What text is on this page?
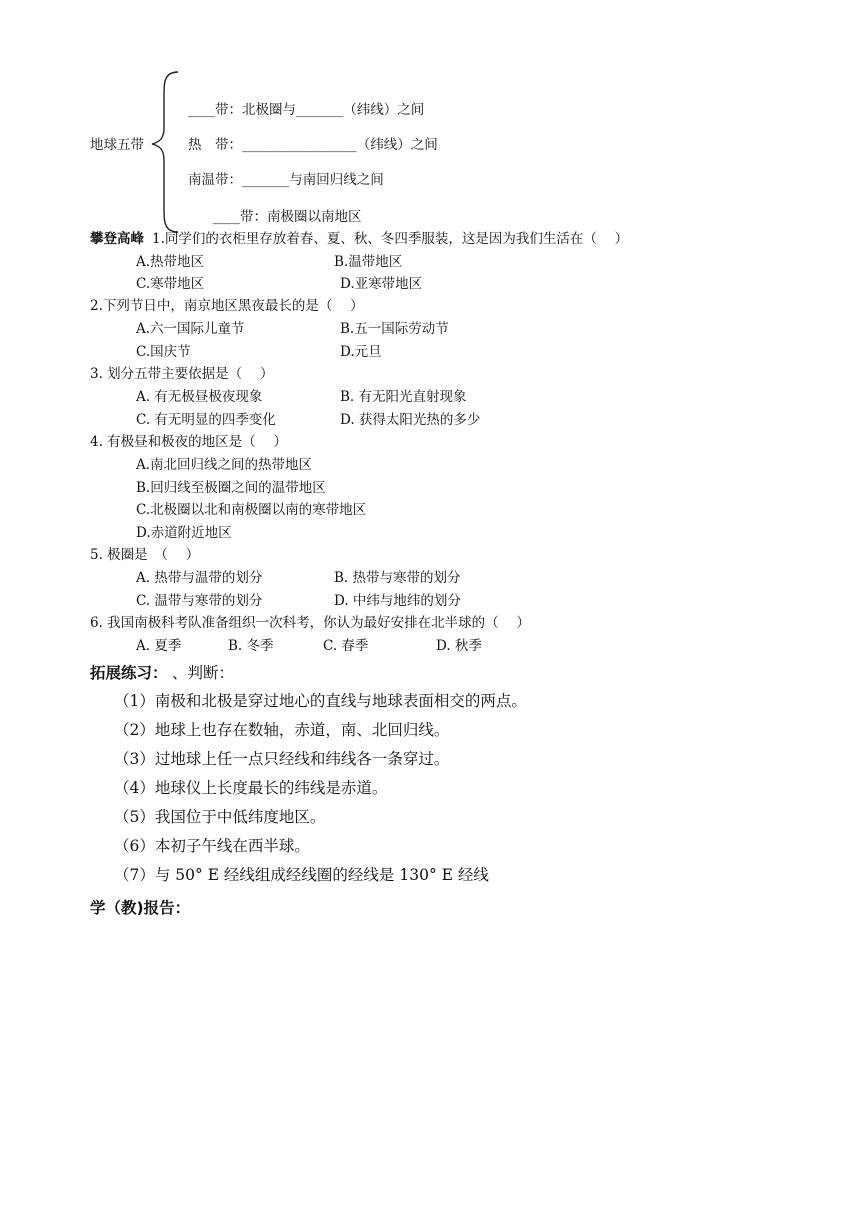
地球五带
____带：北极圈与_______（纬线）之间
热　带：_________________（纬线）之间
南温带：_______与南回归线之间
____带：南极圈以南地区
攀登高峰 1.同学们的衣柜里存放着春、夏、秋、冬四季服装，这是因为我们生活在（　 ）
A.热带地区	B.温带地区
C.寒带地区	D.亚寒带地区
2.下列节日中，南京地区黑夜最长的是（　 ）
A.六一国际儿童节	B.五一国际劳动节
C.国庆节	D.元旦
3. 划分五带主要依据是（　 ）
A. 有无极昼极夜现象	B. 有无阳光直射现象
C. 有无明显的四季变化	D. 获得太阳光热的多少
4. 有极昼和极夜的地区是（　 ）
A.南北回归线之间的热带地区
B.回归线至极圈之间的温带地区
C.北极圈以北和南极圈以南的寒带地区
D.赤道附近地区
5. 极圈是　（　 ）
A. 热带与温带的划分	B. 热带与寒带的划分
C. 温带与寒带的划分	D. 中纬与地纬的划分
6. 我国南极科考队准备组织一次科考，你认为最好安排在北半球的（　 ）
A. 夏季	B. 冬季	C. 春季	D. 秋季
拓展练习： 、判断：
（1）南极和北极是穿过地心的直线与地球表面相交的两点。
（2）地球上也存在数轴，赤道，南、北回归线。
（3）过地球上任一点只经线和纬线各一条穿过。
（4）地球仪上长度最长的纬线是赤道。
（5）我国位于中低纬度地区。
（6）本初子午线在西半球。
（7）与 50° E 经线组成经线圈的经线是 130° E 经线
学（教)报告：
